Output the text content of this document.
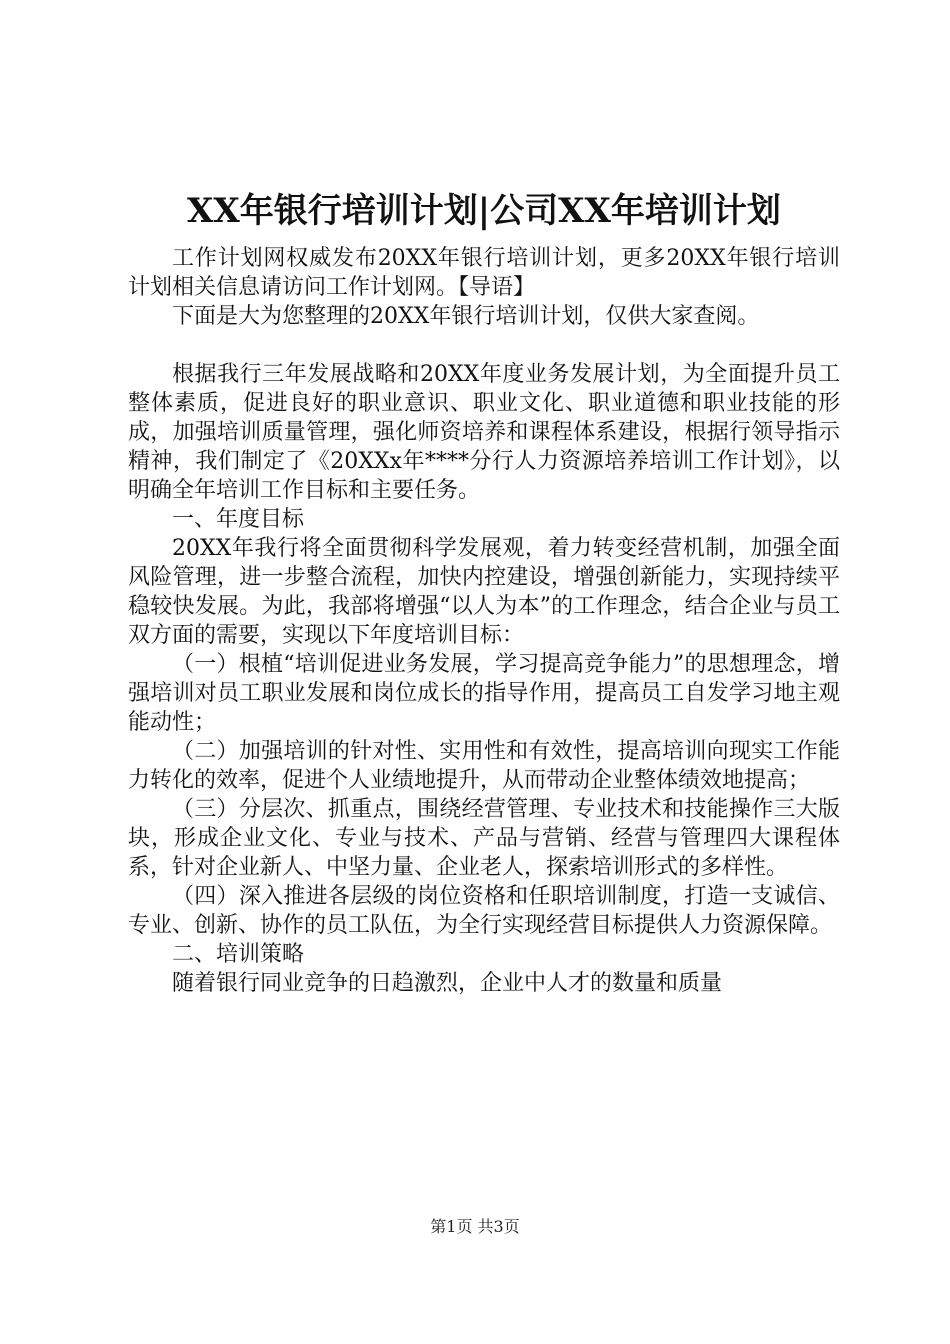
XX年银行培训计划|公司XX年培训计划

工作计划网权威发布20XX年银行培训计划，更多20XX年银行培训计划相关信息请访问工作计划网。【导语】

下面是大为您整理的20XX年银行培训计划，仅供大家查阅。

根据我行三年发展战略和20XX年度业务发展计划，为全面提升员工整体素质，促进良好的职业意识、职业文化、职业道德和职业技能的形成，加强培训质量管理，强化师资培养和课程体系建设，根据行领导指示精神，我们制定了《20XXx年****分行人力资源培养培训工作计划》，以明确全年培训工作目标和主要任务。

一、年度目标

20XX年我行将全面贯彻科学发展观，着力转变经营机制，加强全面风险管理，进一步整合流程，加快内控建设，增强创新能力，实现持续平稳较快发展。为此，我部将增强“以人为本”的工作理念，结合企业与员工双方面的需要，实现以下年度培训目标：

（一）根植“培训促进业务发展，学习提高竞争能力”的思想理念，增强培训对员工职业发展和岗位成长的指导作用，提高员工自发学习地主观能动性；

（二）加强培训的针对性、实用性和有效性，提高培训向现实工作能力转化的效率，促进个人业绩地提升，从而带动企业整体绩效地提高；

（三）分层次、抓重点，围绕经营管理、专业技术和技能操作三大版块，形成企业文化、专业与技术、产品与营销、经营与管理四大课程体系，针对企业新人、中坚力量、企业老人，探索培训形式的多样性。

（四）深入推进各层级的岗位资格和任职培训制度，打造一支诚信、专业、创新、协作的员工队伍，为全行实现经营目标提供人力资源保障。

二、培训策略

随着银行同业竞争的日趋激烈，企业中人才的数量和质量

第1页 共3页
